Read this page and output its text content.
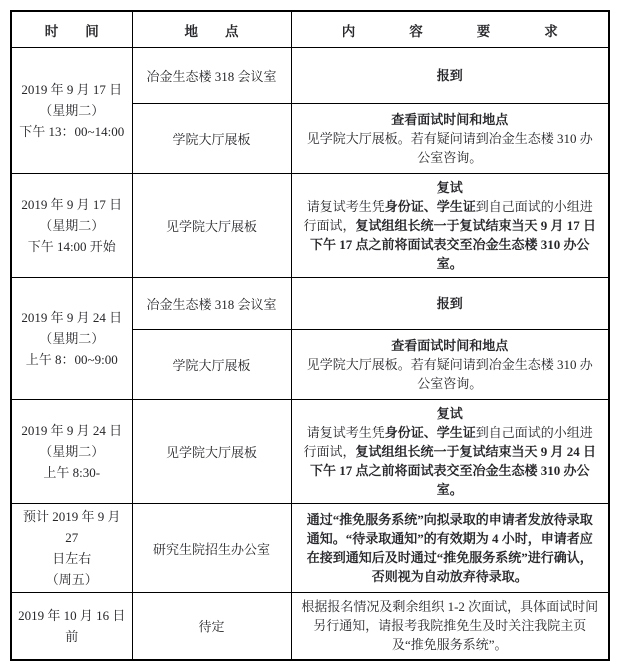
时　　间	地　　点	内　　　　容　　　　要　　　　求

2019 年 9 月 17 日
（星期二）
下午 13：00~14:00	冶金生态楼 318 会议室	报到

	学院大厅展板	查看面试时间和地点
见学院大厅展板。若有疑问请到冶金生态楼 310 办公室咨询。

2019 年 9 月 17 日
（星期二）
下午 14:00 开始
	见学院大厅展板	
复试
请复试考生凭身份证、学生证到自己面试的小组进行面试，复试组组长统一于复试结束当天 9 月 17 日下午 17 点之前将面试表交至冶金生态楼 310 办公室。

2019 年 9 月 24 日
（星期二）
上午 8：00~9:00	冶金生态楼 318 会议室	报到

	学院大厅展板	查看面试时间和地点
见学院大厅展板。若有疑问请到冶金生态楼 310 办公室咨询。

2019 年 9 月 24 日
（星期二）
上午 8:30-
	见学院大厅展板	
复试
请复试考生凭身份证、学生证到自己面试的小组进行面试，复试组组长统一于复试结束当天 9 月 24 日下午 17 点之前将面试表交至冶金生态楼 310 办公室。

预计 2019 年 9 月 27
日左右
（周五）	研究生院招生办公室	通过“推免服务系统”向拟录取的申请者发放待录取通知。“待录取通知”的有效期为 4 小时，申请者应在接到通知后及时通过“推免服务系统”进行确认，否则视为自动放弃待录取。

2019 年 10 月 16 日前	待定	根据报名情况及剩余组织 1-2 次面试，具体面试时间另行通知，请报考我院推免生及时关注我院主页及“推免服务系统”。
